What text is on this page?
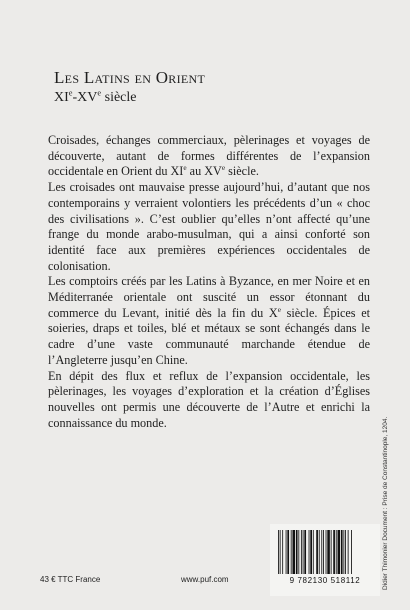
Les Latins en Orient
XIe-XVe siècle

Croisades, échanges commerciaux, pèlerinages et voyages de découverte, autant de formes différentes de l’expansion occidentale en Orient du XIe au XVe siècle.

Les croisades ont mauvaise presse aujourd’hui, d’autant que nos contemporains y verraient volontiers les précédents d’un « choc des civilisations ». C’est oublier qu’elles n’ont affecté qu’une frange du monde arabo-musulman, qui a ainsi conforté son identité face aux premières expériences occidentales de colonisation.

Les comptoirs créés par les Latins à Byzance, en mer Noire et en Méditerranée orientale ont suscité un essor étonnant du commerce du Levant, initié dès la fin du Xe siècle. Épices et soieries, draps et toiles, blé et métaux se sont échangés dans le cadre d’une vaste communauté marchande étendue de l’Angleterre jusqu’en Chine.

En dépit des flux et reflux de l’expansion occidentale, les pèlerinages, les voyages d’exploration et la création d’Églises nouvelles ont permis une découverte de l’Autre et enrichi la connaissance du monde.	Didier Thimonier Document : Prise de Constantinople, 1204.
43 € TTC France	www.puf.com	9 782130 518112
